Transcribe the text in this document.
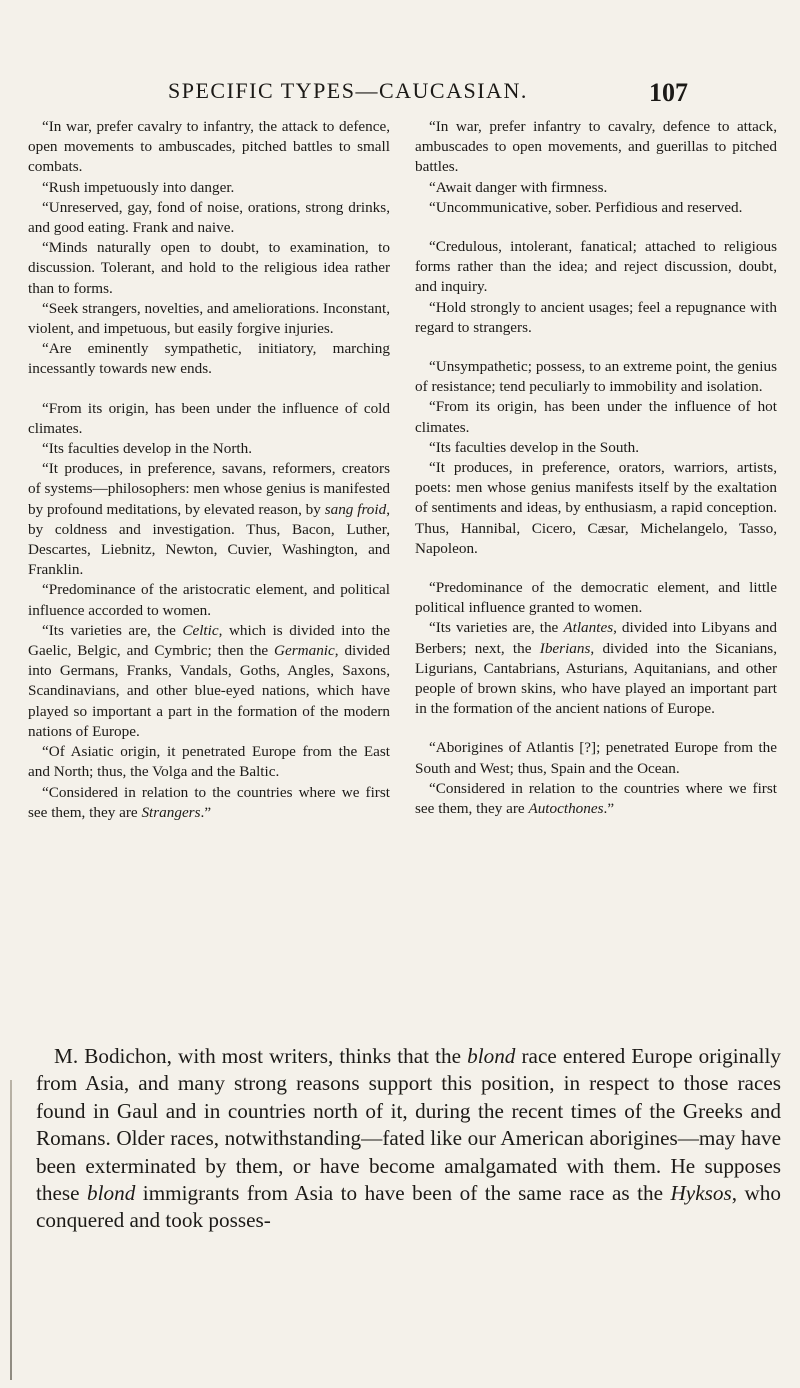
SPECIFIC TYPES—CAUCASIAN.	107

“In war, prefer cavalry to infantry, the attack to defence, open movements to ambuscades, pitched battles to small combats.

“Rush impetuously into danger.

“Unreserved, gay, fond of noise, orations, strong drinks, and good eating. Frank and naive.

“Minds naturally open to doubt, to examination, to discussion. Tolerant, and hold to the religious idea rather than to forms.

“Seek strangers, novelties, and ameliorations. Inconstant, violent, and impetuous, but easily forgive injuries.

“Are eminently sympathetic, initiatory, marching incessantly towards new ends.

“From its origin, has been under the influence of cold climates.

“Its faculties develop in the North.

“It produces, in preference, savans, reformers, creators of systems—philosophers: men whose genius is manifested by profound meditations, by elevated reason, by sang froid, by coldness and investigation. Thus, Bacon, Luther, Descartes, Liebnitz, Newton, Cuvier, Washington, and Franklin.

“Predominance of the aristocratic element, and political influence accorded to women.

“Its varieties are, the Celtic, which is divided into the Gaelic, Belgic, and Cymbric; then the Germanic, divided into Germans, Franks, Vandals, Goths, Angles, Saxons, Scandinavians, and other blue-eyed nations, which have played so important a part in the formation of the modern nations of Europe.

“Of Asiatic origin, it penetrated Europe from the East and North; thus, the Volga and the Baltic.

“Considered in relation to the countries where we first see them, they are Strangers.”

“In war, prefer infantry to cavalry, defence to attack, ambuscades to open movements, and guerillas to pitched battles.

“Await danger with firmness.

“Uncommunicative, sober. Perfidious and reserved.

“Credulous, intolerant, fanatical; attached to religious forms rather than the idea; and reject discussion, doubt, and inquiry.

“Hold strongly to ancient usages; feel a repugnance with regard to strangers.

“Unsympathetic; possess, to an extreme point, the genius of resistance; tend peculiarly to immobility and isolation.

“From its origin, has been under the influence of hot climates.

“Its faculties develop in the South.

“It produces, in preference, orators, warriors, artists, poets: men whose genius manifests itself by the exaltation of sentiments and ideas, by enthusiasm, a rapid conception. Thus, Hannibal, Cicero, Cæsar, Michelangelo, Tasso, Napoleon.

“Predominance of the democratic element, and little political influence granted to women.

“Its varieties are, the Atlantes, divided into Libyans and Berbers; next, the Iberians, divided into the Sicanians, Ligurians, Cantabrians, Asturians, Aquitanians, and other people of brown skins, who have played an important part in the formation of the ancient nations of Europe.

“Aborigines of Atlantis [?]; penetrated Europe from the South and West; thus, Spain and the Ocean.

“Considered in relation to the countries where we first see them, they are Autocthones.”

M. Bodichon, with most writers, thinks that the blond race entered Europe originally from Asia, and many strong reasons support this position, in respect to those races found in Gaul and in countries north of it, during the recent times of the Greeks and Romans. Older races, notwithstanding—fated like our American aborigines—may have been exterminated by them, or have become amalgamated with them. He supposes these blond immigrants from Asia to have been of the same race as the Hyksos, who conquered and took posses-
